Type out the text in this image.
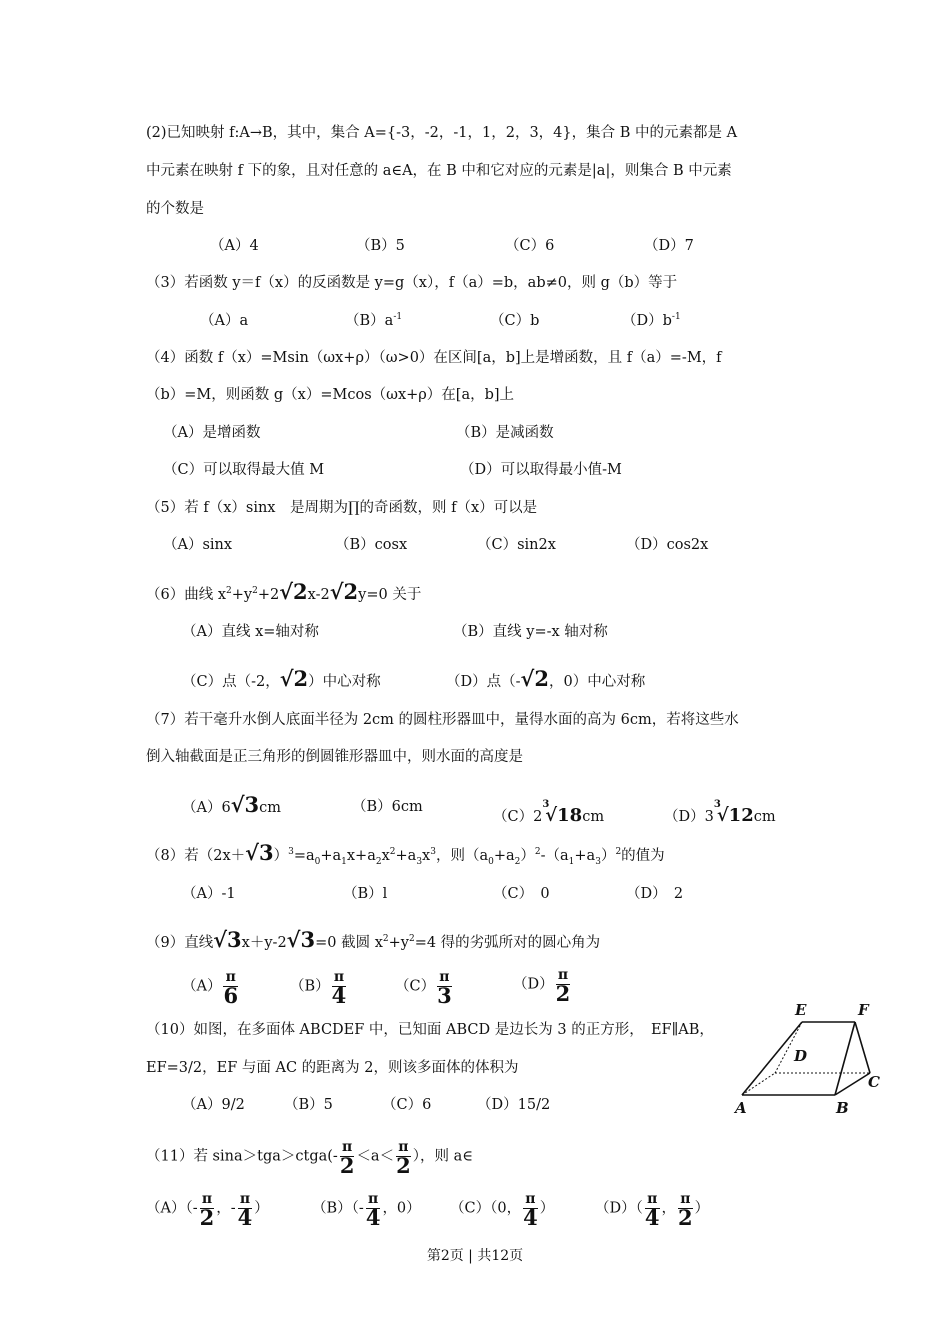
(2)已知映射 f:A→B，其中，集合 A={-3，-2，-1，1，2，3，4}，集合 B 中的元素都是 A
中元素在映射 f 下的象，且对任意的 a∈A，在 B 中和它对应的元素是|a|，则集合 B 中元素
的个数是
（A）4	（B）5	（C）6	（D）7
（3）若函数 y＝f（x）的反函数是 y=g（x），f（a）=b，ab≠0，则 g（b）等于
（A）a	$(B)a^{-1}$	（C）b	$(D)b^{-1}$
（4）函数 f（x）=Msin（ωx+ρ）（ω>0）在区间[a，b]上是增函数，且 f（a）=-M，f
（b）=M，则函数 g（x）=Mcos（ωx+ρ）在[a，b]上
（A）是增函数	（B）是减函数
（C）可以取得最大值 M	（D）可以取得最小值-M
（5）若 f（x）sinx　是周期为∏的奇函数，则 f（x）可以是
（A）sinx	（B）cosx	（C）sin2x	（D）cos2x
（6）曲线 $x^2+y^2+2√2x-2√2y=0$ 关于
（A）直线 x=轴对称	（B）直线 y=-x 轴对称
（C）点（-2，√2）中心对称	（D）点（-√2，0）中心对称
（7）若干毫升水倒人底面半径为 2cm 的圆柱形器皿中，量得水面的高为 6cm，若将这些水
倒入轴截面是正三角形的倒圆锥形器皿中，则水面的高度是
（A）6√3cm	（B）6cm
$(C)2^3√18cm$	$(D)3^3√12cm$
（8）若$(2x+√3)^3=a_0+a_1x+a_2x^2+a_3x^3$，则$(a_0+a_2)^2-(a_1+a_3)^2$的值为
（A）-1	（B）l	（C）　0	（D）　2
（9）直线√3x＋y-2√3=0 截圆 $x^2+y^2=4$ 得的劣弧所对的圆心角为
$(A) \frac{\pi}{6}$	$(B) \frac{\pi}{4}$	$(C) \frac{\pi}{3}$	$(D) \frac{\pi}{2}$
（10）如图，在多面体 ABCDEF 中，已知面 ABCD 是边长为 3 的正方形，　EF∥AB，
EF=3/2，EF 与面 AC 的距离为 2，则该多面体的体积为
（A）9/2	（B）5	（C）6	（D）15/2
E	F
D
C
A	B
（11）若 sina＞tga＞ctga(- $\frac{\pi}{2} <a< \frac{\pi}{2}$ ），则 a∈
$(A)(- \frac{\pi}{2}$ ，- $\frac{\pi}{4}$ ）	$(B)(- \frac{\pi}{4}$ ，0） （C）（0， $\frac{\pi}{4}$ ）	$(D)( \frac{\pi}{4}$ ， $\frac{\pi}{2}$ ）
第2页 | 共12页
